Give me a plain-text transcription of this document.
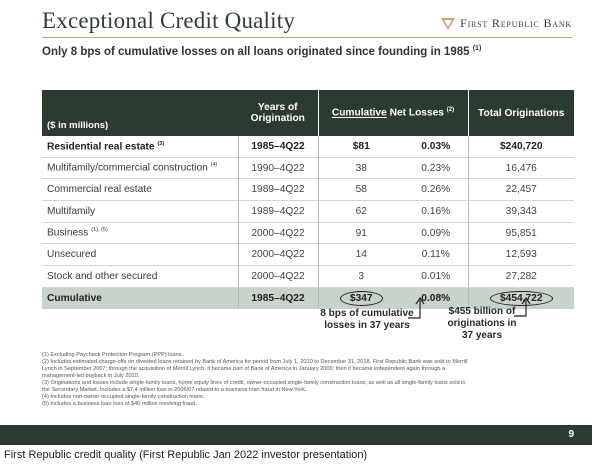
Exceptional Credit Quality	First Republic Bank
Only 8 bps of cumulative losses on all loans originated since founding in 1985 $^{(1)}$
($ in millions)	Years of Origination	Cumulative Net Losses $^{(2)}$		Total Originations
Residential real estate $^{(3)}$	1985–4Q22	$81	0.03%	$240,720
Multifamily/commercial construction $^{(4)}$	1990–4Q22	38	0.23%	16,476
Commercial real estate	1989–4Q22	58	0.26%	22,457
Multifamily	1989–4Q22	62	0.16%	39,343
Business $^{(1), (5)}$	2000–4Q22	91	0.09%	95,851
Unsecured	2000–4Q22	14	0.11%	12,593
Stock and other secured	2000–4Q22	3	0.01%	27,282
Cumulative	1985–4Q22	$347	0.08%	$454,722
8 bps of cumulative
losses in 37 years
$455 billion of
originations in
37 years

(1) Excluding Paycheck Protection Program (PPP) loans.

(2) Includes estimated charge-offs on divested loans retained by Bank of America for period from July 1, 2010 to December 31, 2018. First Republic Bank was sold to Merrill

Lynch in September 2007; through the acquisition of Merrill Lynch, it became part of Bank of America in January 2009; then it became independent again through a

management-led buyback in July 2010.

(3) Originations and losses include single-family loans, home equity lines of credit, owner-occupied single-family construction loans, as well as all single-family loans sold in

the Secondary Market. Includes a $7.4 million loss in 2006/07 related to a business loan fraud in New York.

(4) Includes non-owner-occupied single-family construction loans.

(5) Includes a business loan loss of $40 million involving fraud.

9
First Republic credit quality (First Republic Jan 2022 investor presentation)
